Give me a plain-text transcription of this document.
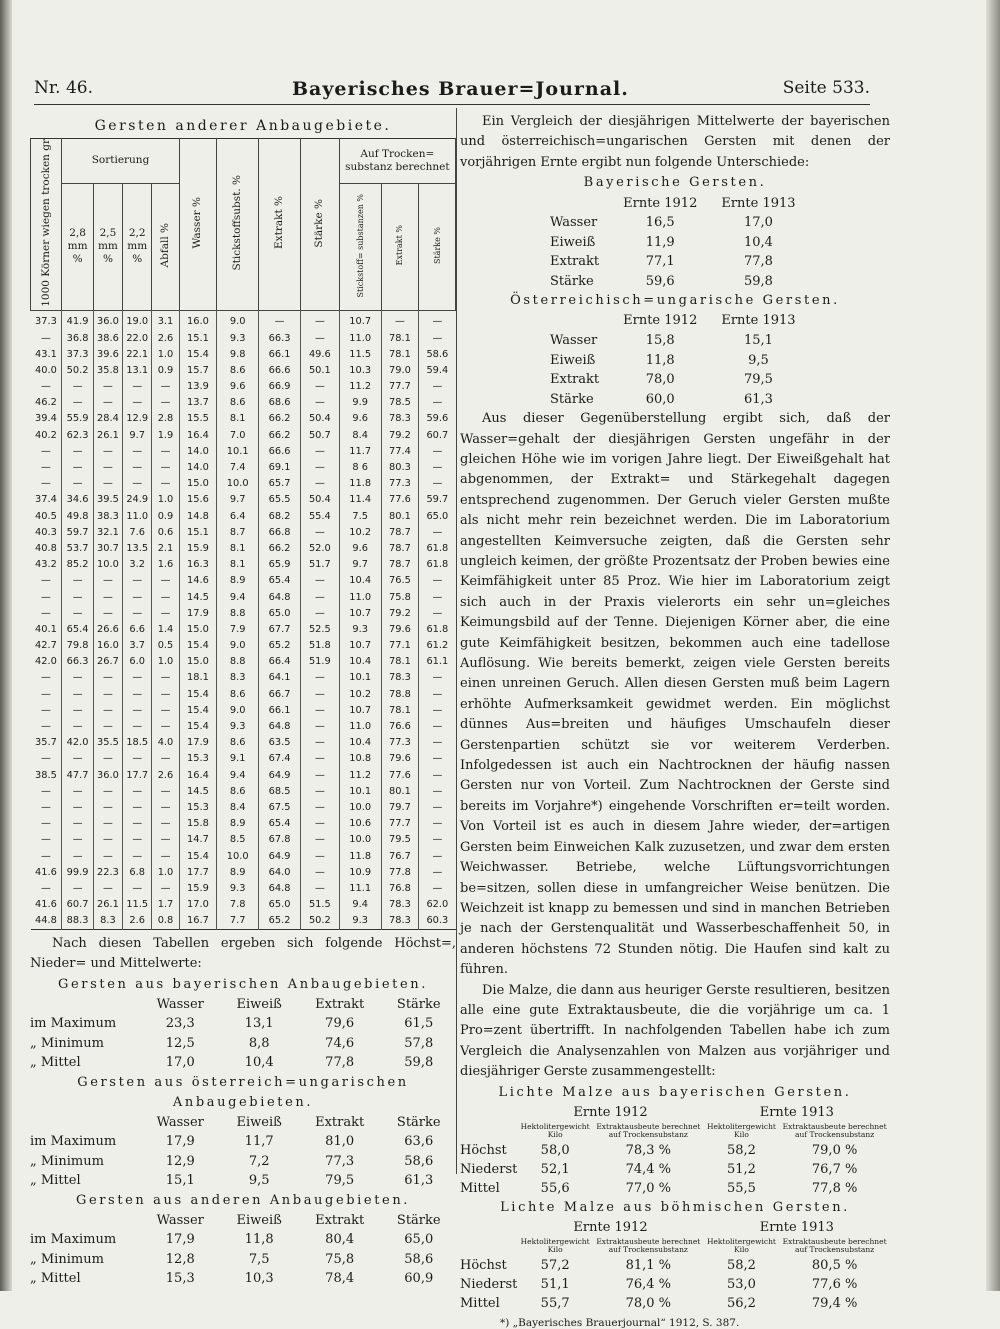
Nr. 46.	Bayerisches Brauer=Journal.	Seite 533.
Gersten anderer Anbaugebiete.
1000 Körner wiegen trocken gr	Sortierung				Wasser %	Stickstoffsubst. %	Extrakt %	Stärke %	Auf Trocken= substanz berechnet		
	2,8 mm %	2,5 mm %	2,2 mm %	Abfall %					Stickstoff= substanzen %	Extrakt %	Stärke %
37.3	41.9	36.0	19.0	3.1	16.0	9.0	—	—	10.7	—	—
—	36.8	38.6	22.0	2.6	15.1	9.3	66.3	—	11.0	78.1	—
43.1	37.3	39.6	22.1	1.0	15.4	9.8	66.1	49.6	11.5	78.1	58.6
40.0	50.2	35.8	13.1	0.9	15.7	8.6	66.6	50.1	10.3	79.0	59.4
—	—	—	—	—	13.9	9.6	66.9	—	11.2	77.7	—
46.2	—	—	—	—	13.7	8.6	68.6	—	9.9	78.5	—
39.4	55.9	28.4	12.9	2.8	15.5	8.1	66.2	50.4	9.6	78.3	59.6
40.2	62.3	26.1	9.7	1.9	16.4	7.0	66.2	50.7	8.4	79.2	60.7
—	—	—	—	—	14.0	10.1	66.6	—	11.7	77.4	—
—	—	—	—	—	14.0	7.4	69.1	—	8 6	80.3	—
—	—	—	—	—	15.0	10.0	65.7	—	11.8	77.3	—
37.4	34.6	39.5	24.9	1.0	15.6	9.7	65.5	50.4	11.4	77.6	59.7
40.5	49.8	38.3	11.0	0.9	14.8	6.4	68.2	55.4	7.5	80.1	65.0
40.3	59.7	32.1	7.6	0.6	15.1	8.7	66.8	—	10.2	78.7	—
40.8	53.7	30.7	13.5	2.1	15.9	8.1	66.2	52.0	9.6	78.7	61.8
43.2	85.2	10.0	3.2	1.6	16.3	8.1	65.9	51.7	9.7	78.7	61.8
—	—	—	—	—	14.6	8.9	65.4	—	10.4	76.5	—
—	—	—	—	—	14.5	9.4	64.8	—	11.0	75.8	—
—	—	—	—	—	17.9	8.8	65.0	—	10.7	79.2	—
40.1	65.4	26.6	6.6	1.4	15.0	7.9	67.7	52.5	9.3	79.6	61.8
42.7	79.8	16.0	3.7	0.5	15.4	9.0	65.2	51.8	10.7	77.1	61.2
42.0	66.3	26.7	6.0	1.0	15.0	8.8	66.4	51.9	10.4	78.1	61.1
—	—	—	—	—	18.1	8.3	64.1	—	10.1	78.3	—
—	—	—	—	—	15.4	8.6	66.7	—	10.2	78.8	—
—	—	—	—	—	15.4	9.0	66.1	—	10.7	78.1	—
—	—	—	—	—	15.4	9.3	64.8	—	11.0	76.6	—
35.7	42.0	35.5	18.5	4.0	17.9	8.6	63.5	—	10.4	77.3	—
—	—	—	—	—	15.3	9.1	67.4	—	10.8	79.6	—
38.5	47.7	36.0	17.7	2.6	16.4	9.4	64.9	—	11.2	77.6	—
—	—	—	—	—	14.5	8.6	68.5	—	10.1	80.1	—
—	—	—	—	—	15.3	8.4	67.5	—	10.0	79.7	—
—	—	—	—	—	15.8	8.9	65.4	—	10.6	77.7	—
—	—	—	—	—	14.7	8.5	67.8	—	10.0	79.5	—
—	—	—	—	—	15.4	10.0	64.9	—	11.8	76.7	—
41.6	99.9	22.3	6.8	1.0	17.7	8.9	64.0	—	10.9	77.8	—
—	—	—	—	—	15.9	9.3	64.8	—	11.1	76.8	—
41.6	60.7	26.1	11.5	1.7	17.0	7.8	65.0	51.5	9.4	78.3	62.0
44.8	88.3	8.3	2.6	0.8	16.7	7.7	65.2	50.2	9.3	78.3	60.3
Nach diesen Tabellen ergeben sich folgende Höchst=, Nieder= und Mittelwerte:
Gersten aus bayerischen Anbaugebieten.
	Wasser	Eiweiß	Extrakt	Stärke
im Maximum	23,3	13,1	79,6	61,5
„ Minimum	12,5	8,8	74,6	57,8
„ Mittel	17,0	10,4	77,8	59,8
Gersten aus österreich=ungarischen
Anbaugebieten.
	Wasser	Eiweiß	Extrakt	Stärke
im Maximum	17,9	11,7	81,0	63,6
„ Minimum	12,9	7,2	77,3	58,6
„ Mittel	15,1	9,5	79,5	61,3
Gersten aus anderen Anbaugebieten.
	Wasser	Eiweiß	Extrakt	Stärke
im Maximum	17,9	11,8	80,4	65,0
„ Minimum	12,8	7,5	75,8	58,6
„ Mittel	15,3	10,3	78,4	60,9
Ein Vergleich der diesjährigen Mittelwerte der bayerischen und österreichisch=ungarischen Gersten mit denen der vorjährigen Ernte ergibt nun folgende Unterschiede:
Bayerische Gersten.
	Ernte 1912	Ernte 1913
Wasser	16,5	17,0
Eiweiß	11,9	10,4
Extrakt	77,1	77,8
Stärke	59,6	59,8
Österreichisch=ungarische Gersten.
	Ernte 1912	Ernte 1913
Wasser	15,8	15,1
Eiweiß	11,8	9,5
Extrakt	78,0	79,5
Stärke	60,0	61,3
Aus dieser Gegenüberstellung ergibt sich, daß der Wasser=gehalt der diesjährigen Gersten ungefähr in der gleichen Höhe wie im vorigen Jahre liegt. Der Eiweißgehalt hat abgenommen, der Extrakt= und Stärkegehalt dagegen entsprechend zugenommen. Der Geruch vieler Gersten mußte als nicht mehr rein bezeichnet werden. Die im Laboratorium angestellten Keimversuche zeigten, daß die Gersten sehr ungleich keimen, der größte Prozentsatz der Proben bewies eine Keimfähigkeit unter 85 Proz. Wie hier im Laboratorium zeigt sich auch in der Praxis vielerorts ein sehr un=gleiches Keimungsbild auf der Tenne. Diejenigen Körner aber, die eine gute Keimfähigkeit besitzen, bekommen auch eine tadellose Auflösung. Wie bereits bemerkt, zeigen viele Gersten bereits einen unreinen Geruch. Allen diesen Gersten muß beim Lagern erhöhte Aufmerksamkeit gewidmet werden. Ein möglichst dünnes Aus=breiten und häufiges Umschaufeln dieser Gerstenpartien schützt sie vor weiterem Verderben. Infolgedessen ist auch ein Nachtrocknen der häufig nassen Gersten nur von Vorteil. Zum Nachtrocknen der Gerste sind bereits im Vorjahre*) eingehende Vorschriften er=teilt worden. Von Vorteil ist es auch in diesem Jahre wieder, der=artigen Gersten beim Einweichen Kalk zuzusetzen, und zwar dem ersten Weichwasser. Betriebe, welche Lüftungsvorrichtungen be=sitzen, sollen diese in umfangreicher Weise benützen. Die Weichzeit ist knapp zu bemessen und sind in manchen Betrieben je nach der Gerstenqualität und Wasserbeschaffenheit 50, in anderen höchstens 72 Stunden nötig. Die Haufen sind kalt zu führen.
Die Malze, die dann aus heuriger Gerste resultieren, besitzen alle eine gute Extraktausbeute, die die vorjährige um ca. 1 Pro=zent übertrifft. In nachfolgenden Tabellen habe ich zum Vergleich die Analysenzahlen von Malzen aus vorjähriger und diesjähriger Gerste zusammengestellt:
Lichte Malze aus bayerischen Gersten.
	Ernte 1912		Ernte 1913	
	Hektolitergewicht Kilo	Extraktausbeute berechnet auf Trockensubstanz	Hektolitergewicht Kilo	Extraktausbeute berechnet auf Trockensubstanz
Höchst	58,0	78,3 %	58,2	79,0 %
Niederst	52,1	74,4 %	51,2	76,7 %
Mittel	55,6	77,0 %	55,5	77,8 %
Lichte Malze aus böhmischen Gersten.
	Ernte 1912		Ernte 1913	
	Hektolitergewicht Kilo	Extraktausbeute berechnet auf Trockensubstanz	Hektolitergewicht Kilo	Extraktausbeute berechnet auf Trockensubstanz
Höchst	57,2	81,1 %	58,2	80,5 %
Niederst	51,1	76,4 %	53,0	77,6 %
Mittel	55,7	78,0 %	56,2	79,4 %
*) „Bayerisches Brauerjournal“ 1912, S. 387.
